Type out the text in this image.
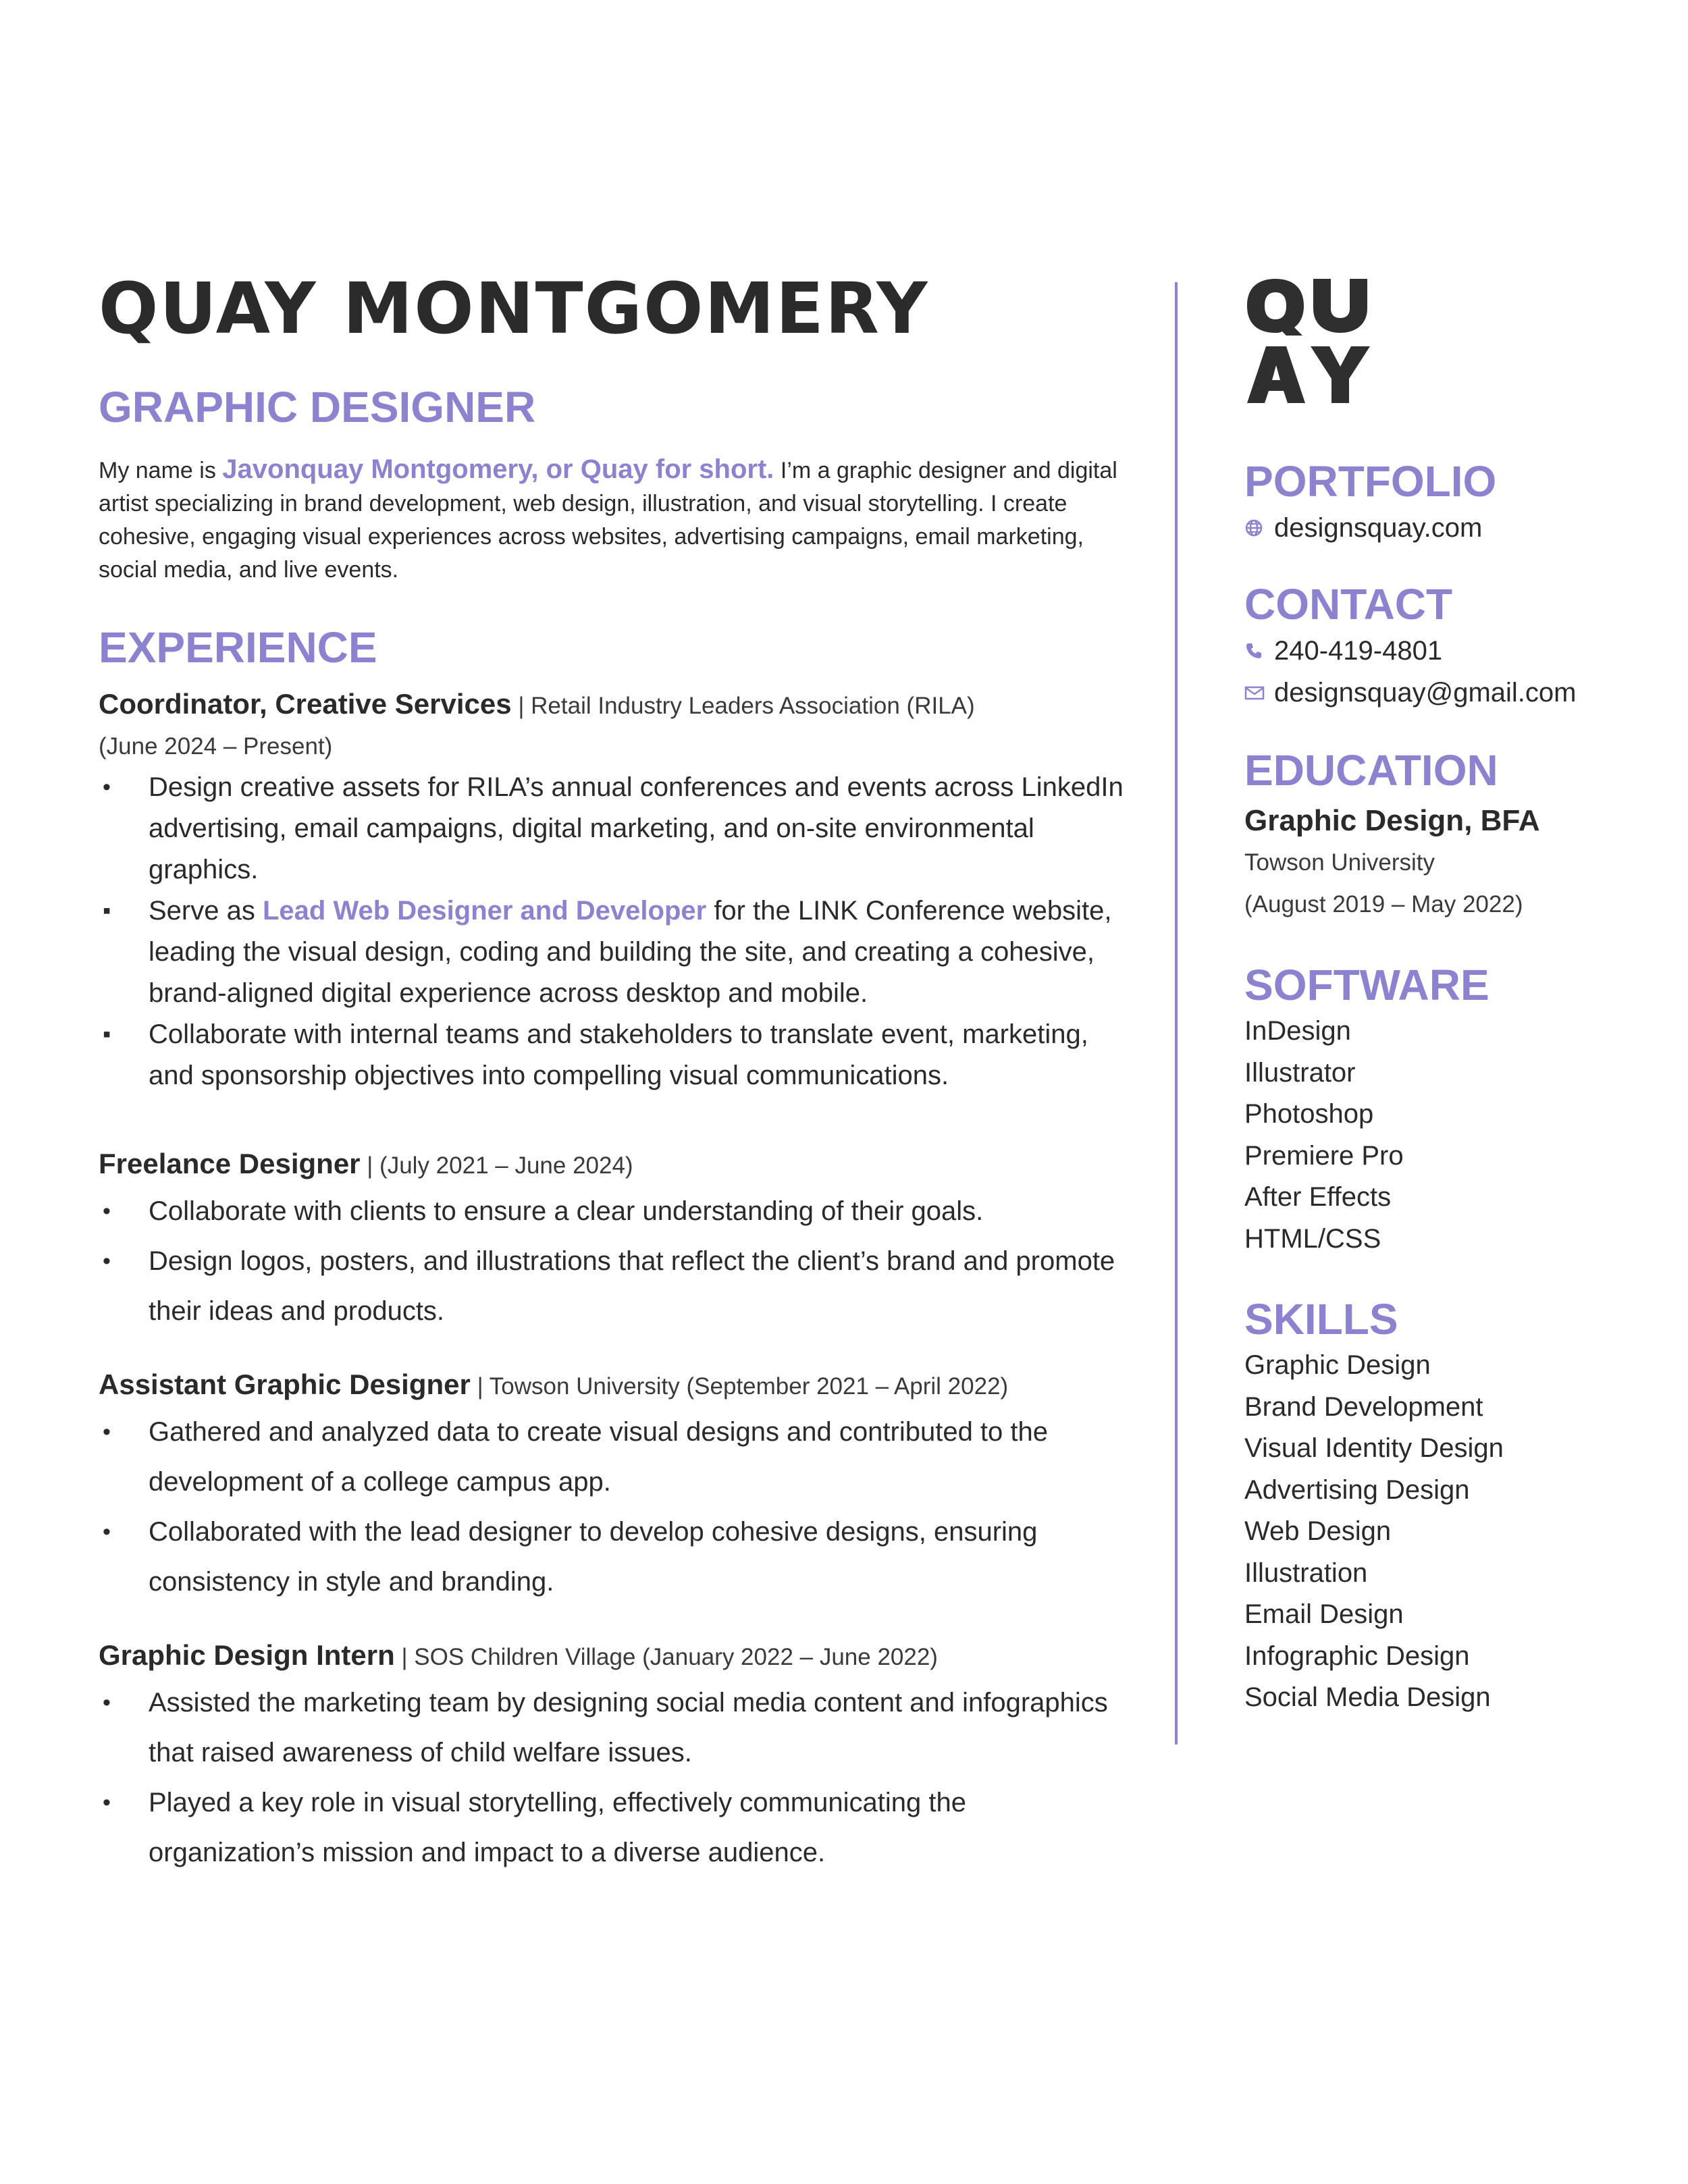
QUAY MONTGOMERY
GRAPHIC DESIGNER
My name is Javonquay Montgomery, or Quay for short. I’m a graphic designer and digital artist specializing in brand development, web design, illustration, and visual storytelling. I create cohesive, engaging visual experiences across websites, advertising campaigns, email marketing, social media, and live events.
EXPERIENCE
Coordinator, Creative Services | Retail Industry Leaders Association (RILA)
(June 2024 – Present)
• Design creative assets for RILA’s annual conferences and events across LinkedIn advertising, email campaigns, digital marketing, and on-site environmental graphics.
▪ Serve as Lead Web Designer and Developer for the LINK Conference website, leading the visual design, coding and building the site, and creating a cohesive, brand-aligned digital experience across desktop and mobile.
▪ Collaborate with internal teams and stakeholders to translate event, marketing, and sponsorship objectives into compelling visual communications.
Freelance Designer | (July 2021 – June 2024)
• Collaborate with clients to ensure a clear understanding of their goals.
• Design logos, posters, and illustrations that reflect the client’s brand and promote their ideas and products.
Assistant Graphic Designer | Towson University (September 2021 – April 2022)
• Gathered and analyzed data to create visual designs and contributed to the development of a college campus app.
• Collaborated with the lead designer to develop cohesive designs, ensuring consistency in style and branding.
Graphic Design Intern | SOS Children Village (January 2022 – June 2022)
• Assisted the marketing team by designing social media content and infographics that raised awareness of child welfare issues.
• Played a key role in visual storytelling, effectively communicating the organization’s mission and impact to a diverse audience.
PORTFOLIO
designsquay.com
CONTACT
240-419-4801
designsquay@gmail.com
EDUCATION
Graphic Design, BFA
Towson University
(August 2019 – May 2022)
SOFTWARE
InDesign
Illustrator
Photoshop
Premiere Pro
After Effects
HTML/CSS
SKILLS
Graphic Design
Brand Development
Visual Identity Design
Advertising Design
Web Design
Illustration
Email Design
Infographic Design
Social Media Design
